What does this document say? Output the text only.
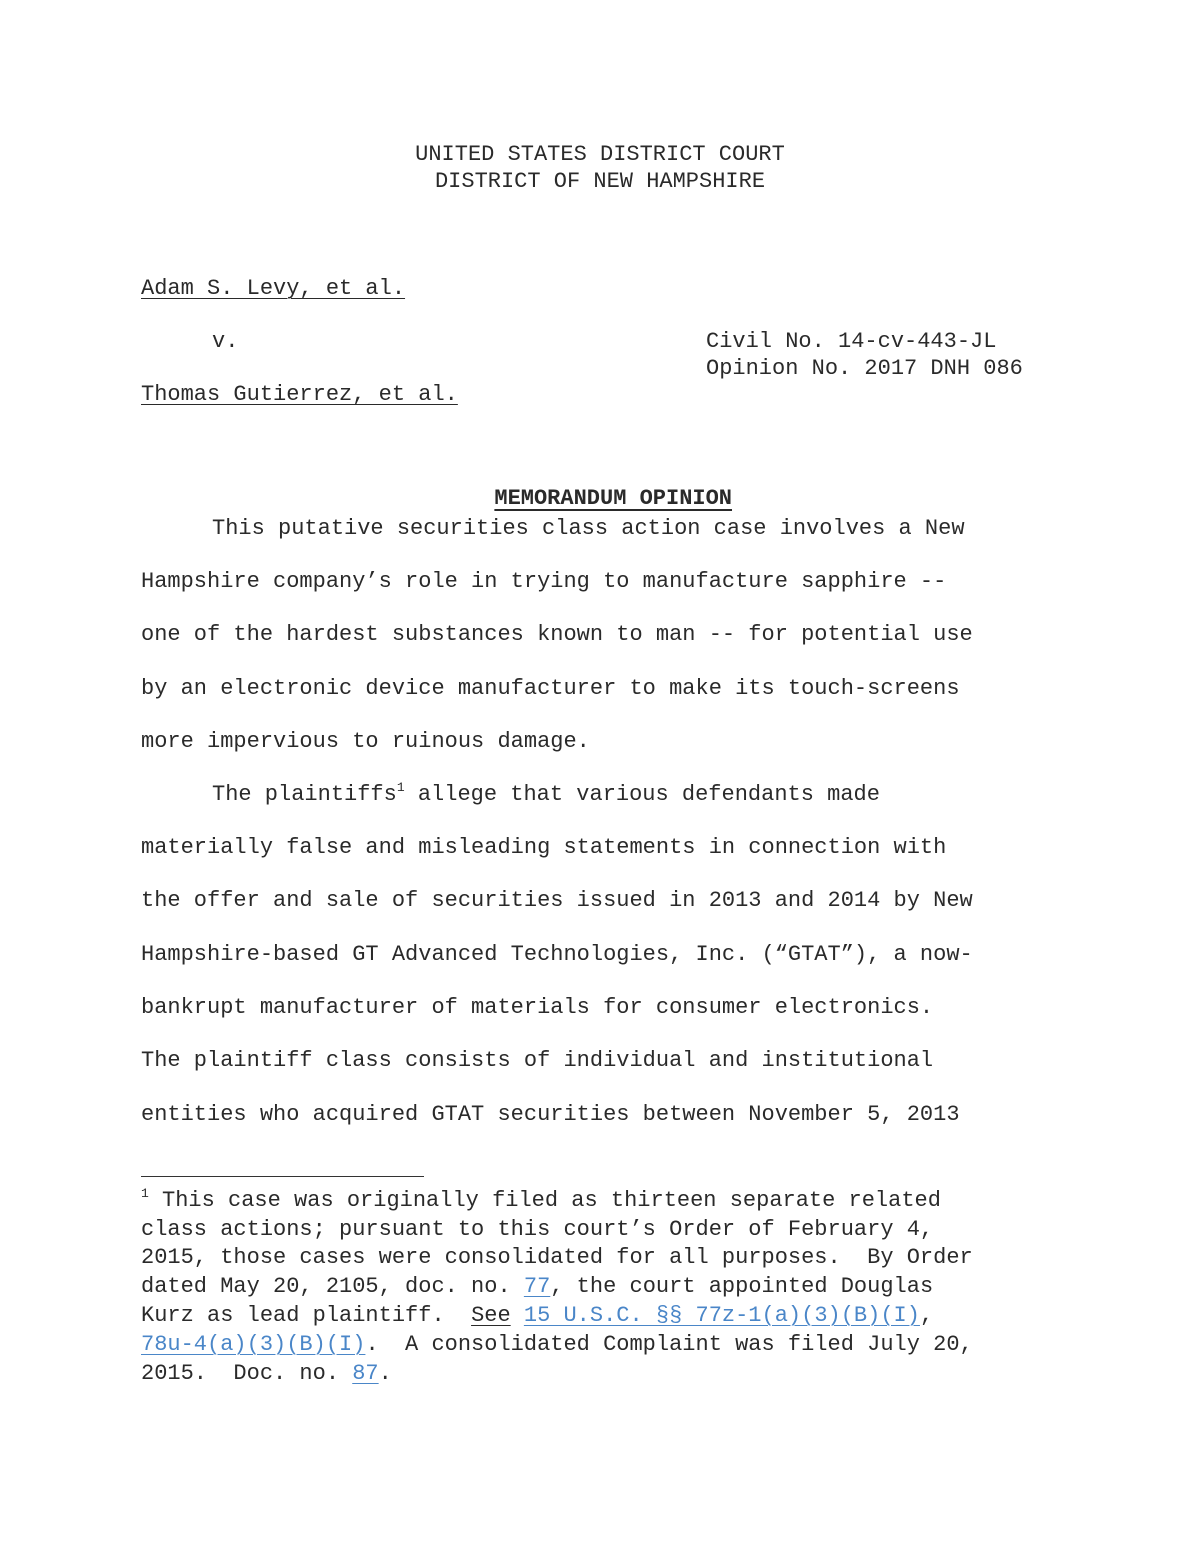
UNITED STATES DISTRICT COURT
DISTRICT OF NEW HAMPSHIRE
Adam S. Levy, et al.
v.	Civil No. 14-cv-443-JL
Opinion No. 2017 DNH 086
Thomas Gutierrez, et al.

MEMORANDUM OPINION

This putative securities class action case involves a New
Hampshire company’s role in trying to manufacture sapphire --
one of the hardest substances known to man -- for potential use
by an electronic device manufacturer to make its touch-screens
more impervious to ruinous damage.
The plaintiffs$^1$ allege that various defendants made
materially false and misleading statements in connection with
the offer and sale of securities issued in 2013 and 2014 by New
Hampshire-based GT Advanced Technologies, Inc. (“GTAT”), a now-
bankrupt manufacturer of materials for consumer electronics.
The plaintiff class consists of individual and institutional
entities who acquired GTAT securities between November 5, 2013
$^1$ This case was originally filed as thirteen separate related
class actions; pursuant to this court’s Order of February 4,
2015, those cases were consolidated for all purposes.  By Order
dated May 20, 2105, doc. no. 77, the court appointed Douglas
Kurz as lead plaintiff.  See 15 U.S.C. §§ 77z-1(a)(3)(B)(I),
78u-4(a)(3)(B)(I).  A consolidated Complaint was filed July 20,
2015.  Doc. no. 87.
